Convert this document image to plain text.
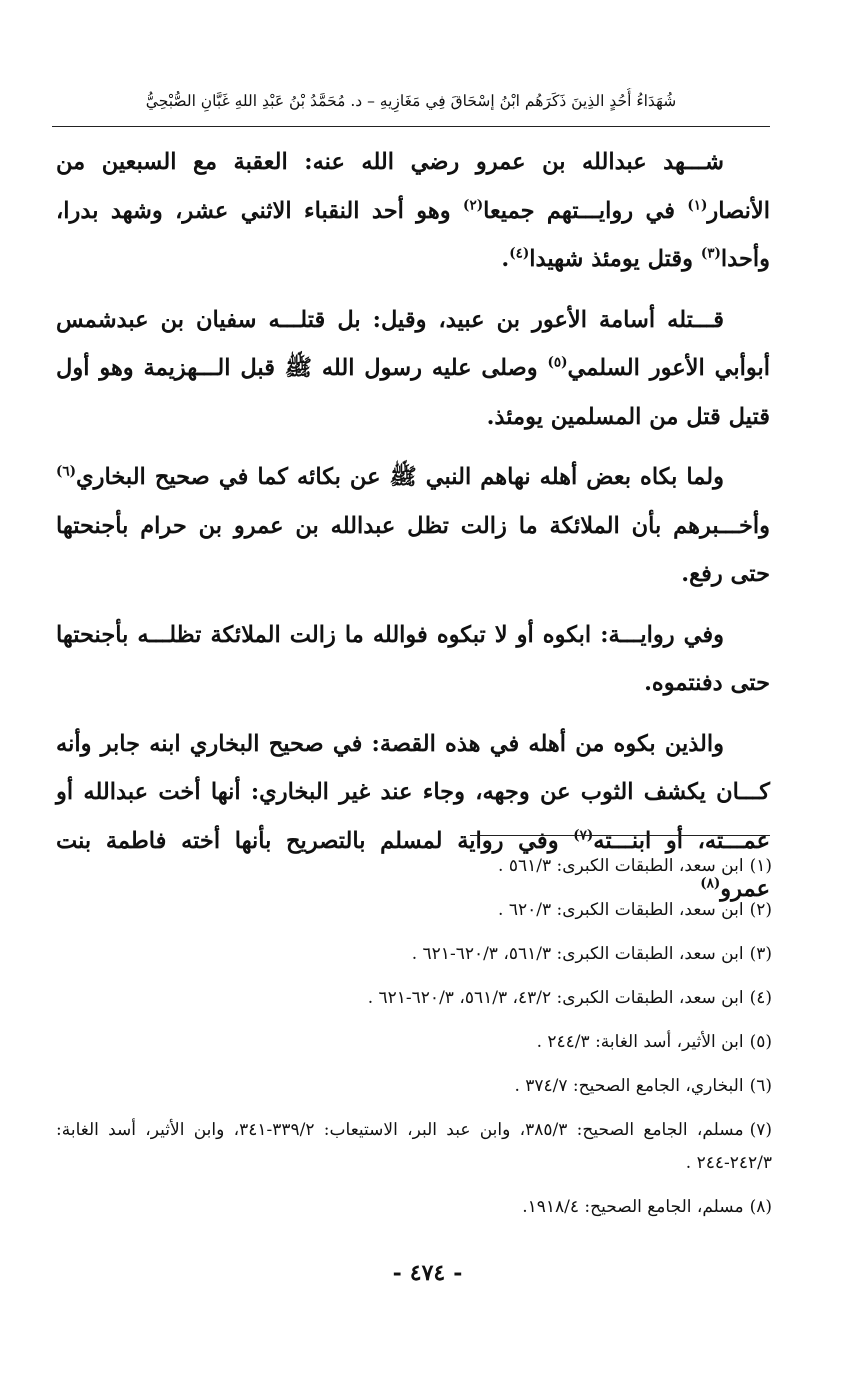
شُهَدَاءُ أُحُدٍ الذِينَ ذَكَرَهُم ابْنُ إسْحَاقَ فِي مَغَازِيهِ – د. مُحَمَّدُ بْنُ عَبْدِ اللهِ غَبَّانِ الصُّبْحِيُّ

شـــهد عبدالله بن عمرو رضي الله عنه: العقبة مع السبعين من الأنصار$^{(١)}$ في روايـــتهم جميعا$^{(٢)}$ وهو أحد النقباء الاثني عشر، وشهد بدرا، وأحدا$^{(٣)}$ وقتل يومئذ شهيدا$^{(٤)}$.

قـــتله أسامة الأعور بن عبيد، وقيل: بل قتلـــه سفيان بن عبدشمس أبوأبي الأعور السلمي$^{(٥)}$ وصلى عليه رسول الله ﷺ قبل الـــهزيمة وهو أول قتيل قتل من المسلمين يومئذ.

ولما بكاه بعض أهله نهاهم النبي ﷺ عن بكائه كما في صحيح البخاري$^{(٦)}$ وأخـــبرهم بأن الملائكة ما زالت تظل عبدالله بن عمرو بن حرام بأجنحتها حتى رفع.

وفي روايـــة: ابكوه أو لا تبكوه فوالله ما زالت الملائكة تظلـــه بأجنحتها حتى دفنتموه.

والذين بكوه من أهله في هذه القصة: في صحيح البخاري ابنه جابر وأنه كـــان يكشف الثوب عن وجهه، وجاء عند غير البخاري: أنها أخت عبدالله أو عمـــته، أو ابنـــته$^{(٧)}$ وفي رواية لمسلم بالتصريح بأنها أخته فاطمة بنت عمرو$^{(٨)}$

(١)ابن سعد، الطبقات الكبرى: ٥٦١/٣ .
(٢)ابن سعد، الطبقات الكبرى: ٦٢٠/٣ .
(٣)ابن سعد، الطبقات الكبرى: ٥٦١/٣، ٦٢٠/٣-٦٢١ .
(٤)ابن سعد، الطبقات الكبرى: ٤٣/٢، ٥٦١/٣، ٦٢٠/٣-٦٢١ .
(٥)ابن الأثير، أسد الغابة: ٢٤٤/٣ .
(٦)البخاري، الجامع الصحيح: ٣٧٤/٧ .
(٧)مسلم، الجامع الصحيح: ٣٨٥/٣، وابن عبد البر، الاستيعاب: ٣٣٩/٢-٣٤١، وابن الأثير، أسد الغابة: ٢٤٢/٣-٢٤٤ .
(٨)مسلم، الجامع الصحيح: ١٩١٨/٤.
-٤٧٤-
